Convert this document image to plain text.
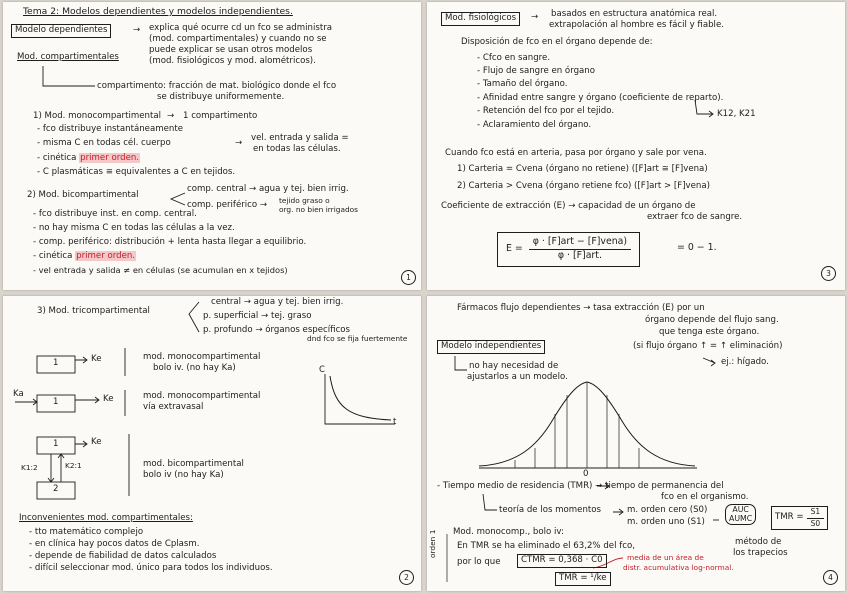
Tema 2: Modelos dependientes y modelos independientes.
Modelo dependientes	→ explica qué ocurre cd un fco se administra
(mod. compartimentales) y cuando no se
puede explicar se usan otros modelos
(mod. fisiológicos y mod. alométricos).
Mod. compartimentales
compartimento: fracción de mat. biológico donde el fco
se distribuye uniformemente.
1) Mod. monocompartimental → 1 compartimento
- fco distribuye instantáneamente
- misma C en todas cél. cuerpo	→ vel. entrada y salida =
en todas las células.
- cinética primer orden.
- C plasmáticas ≡ equivalentes a C en tejidos.
2) Mod. bicompartimental
comp. central → agua y tej. bien irrig.
comp. periférico → tejido graso o
org. no bien irrigados
- fco distribuye inst. en comp. central.
- no hay misma C en todas las células a la vez.
- comp. periférico: distribución + lenta hasta llegar a equilibrio.
- cinética primer orden.
- vel entrada y salida ≠ en células (se acumulan en x tejidos)
1
Mod. fisiológicos	→ basados en estructura anatómica real.
extrapolación al hombre es fácil y fiable.
Disposición de fco en el órgano depende de:
- Cfco en sangre.
- Flujo de sangre en órgano
- Tamaño del órgano.
- Afinidad entre sangre y órgano (coeficiente de reparto).
- Retención del fco por el tejido.
- Aclaramiento del órgano.
K12, K21
Cuando fco está en arteria, pasa por órgano y sale por vena.
1) Carteria = Cvena (órgano no retiene) ([F]art ≅ [F]vena)
2) Carteria > Cvena (órgano retiene fco) ([F]art > [F]vena)
Coeficiente de extracción (E) → capacidad de un órgano de
extraer fco de sangre.
$E = \frac{\text{φ · [F]art − [F]vena)}}{\text{φ · [F]art.}}$	= 0 − 1.
3
3) Mod. tricompartimental
central → agua y tej. bien irrig.
p. superficial → tej. graso
p. profundo → órganos específicos
dnd fco se fija fuertemente
1	Ke	mod. monocompartimental
bolo iv. (no hay Ka)
Ka
1	Ke	mod. monocompartimental
vía extravasal
C
t
1	Ke
K1:2	K2:1
2
mod. bicompartimental
bolo iv (no hay Ka)
Inconvenientes mod. compartimentales:
- tto matemático complejo
- en clínica hay pocos datos de Cplasm.
- depende de fiabilidad de datos calculados
- difícil seleccionar mod. único para todos los individuos.
2
Fármacos flujo dependientes → tasa extracción (E) por un
órgano depende del flujo sang.
que tenga este órgano.
(si flujo órgano ↑ = ↑ eliminación)
ej.: hígado.
Modelo independientes
no hay necesidad de
ajustarlos a un modelo.
0
- Tiempo medio de residencia (TMR) → tiempo de permanencia del
fco en el organismo.
teoría de los momentos	m. orden cero (S0)
m. orden uno (S1)
AUC
AUMC	TMR = $\frac{S1}{S0}$
método de
los trapecios
orden 1 Mod. monocomp., bolo iv:
En TMR se ha eliminado el 63,2% del fco,
por lo que	CTMR = 0,368 · C0	media de un área de
distr. acumulativa log-normal.
TMR = ¹/ke	4
